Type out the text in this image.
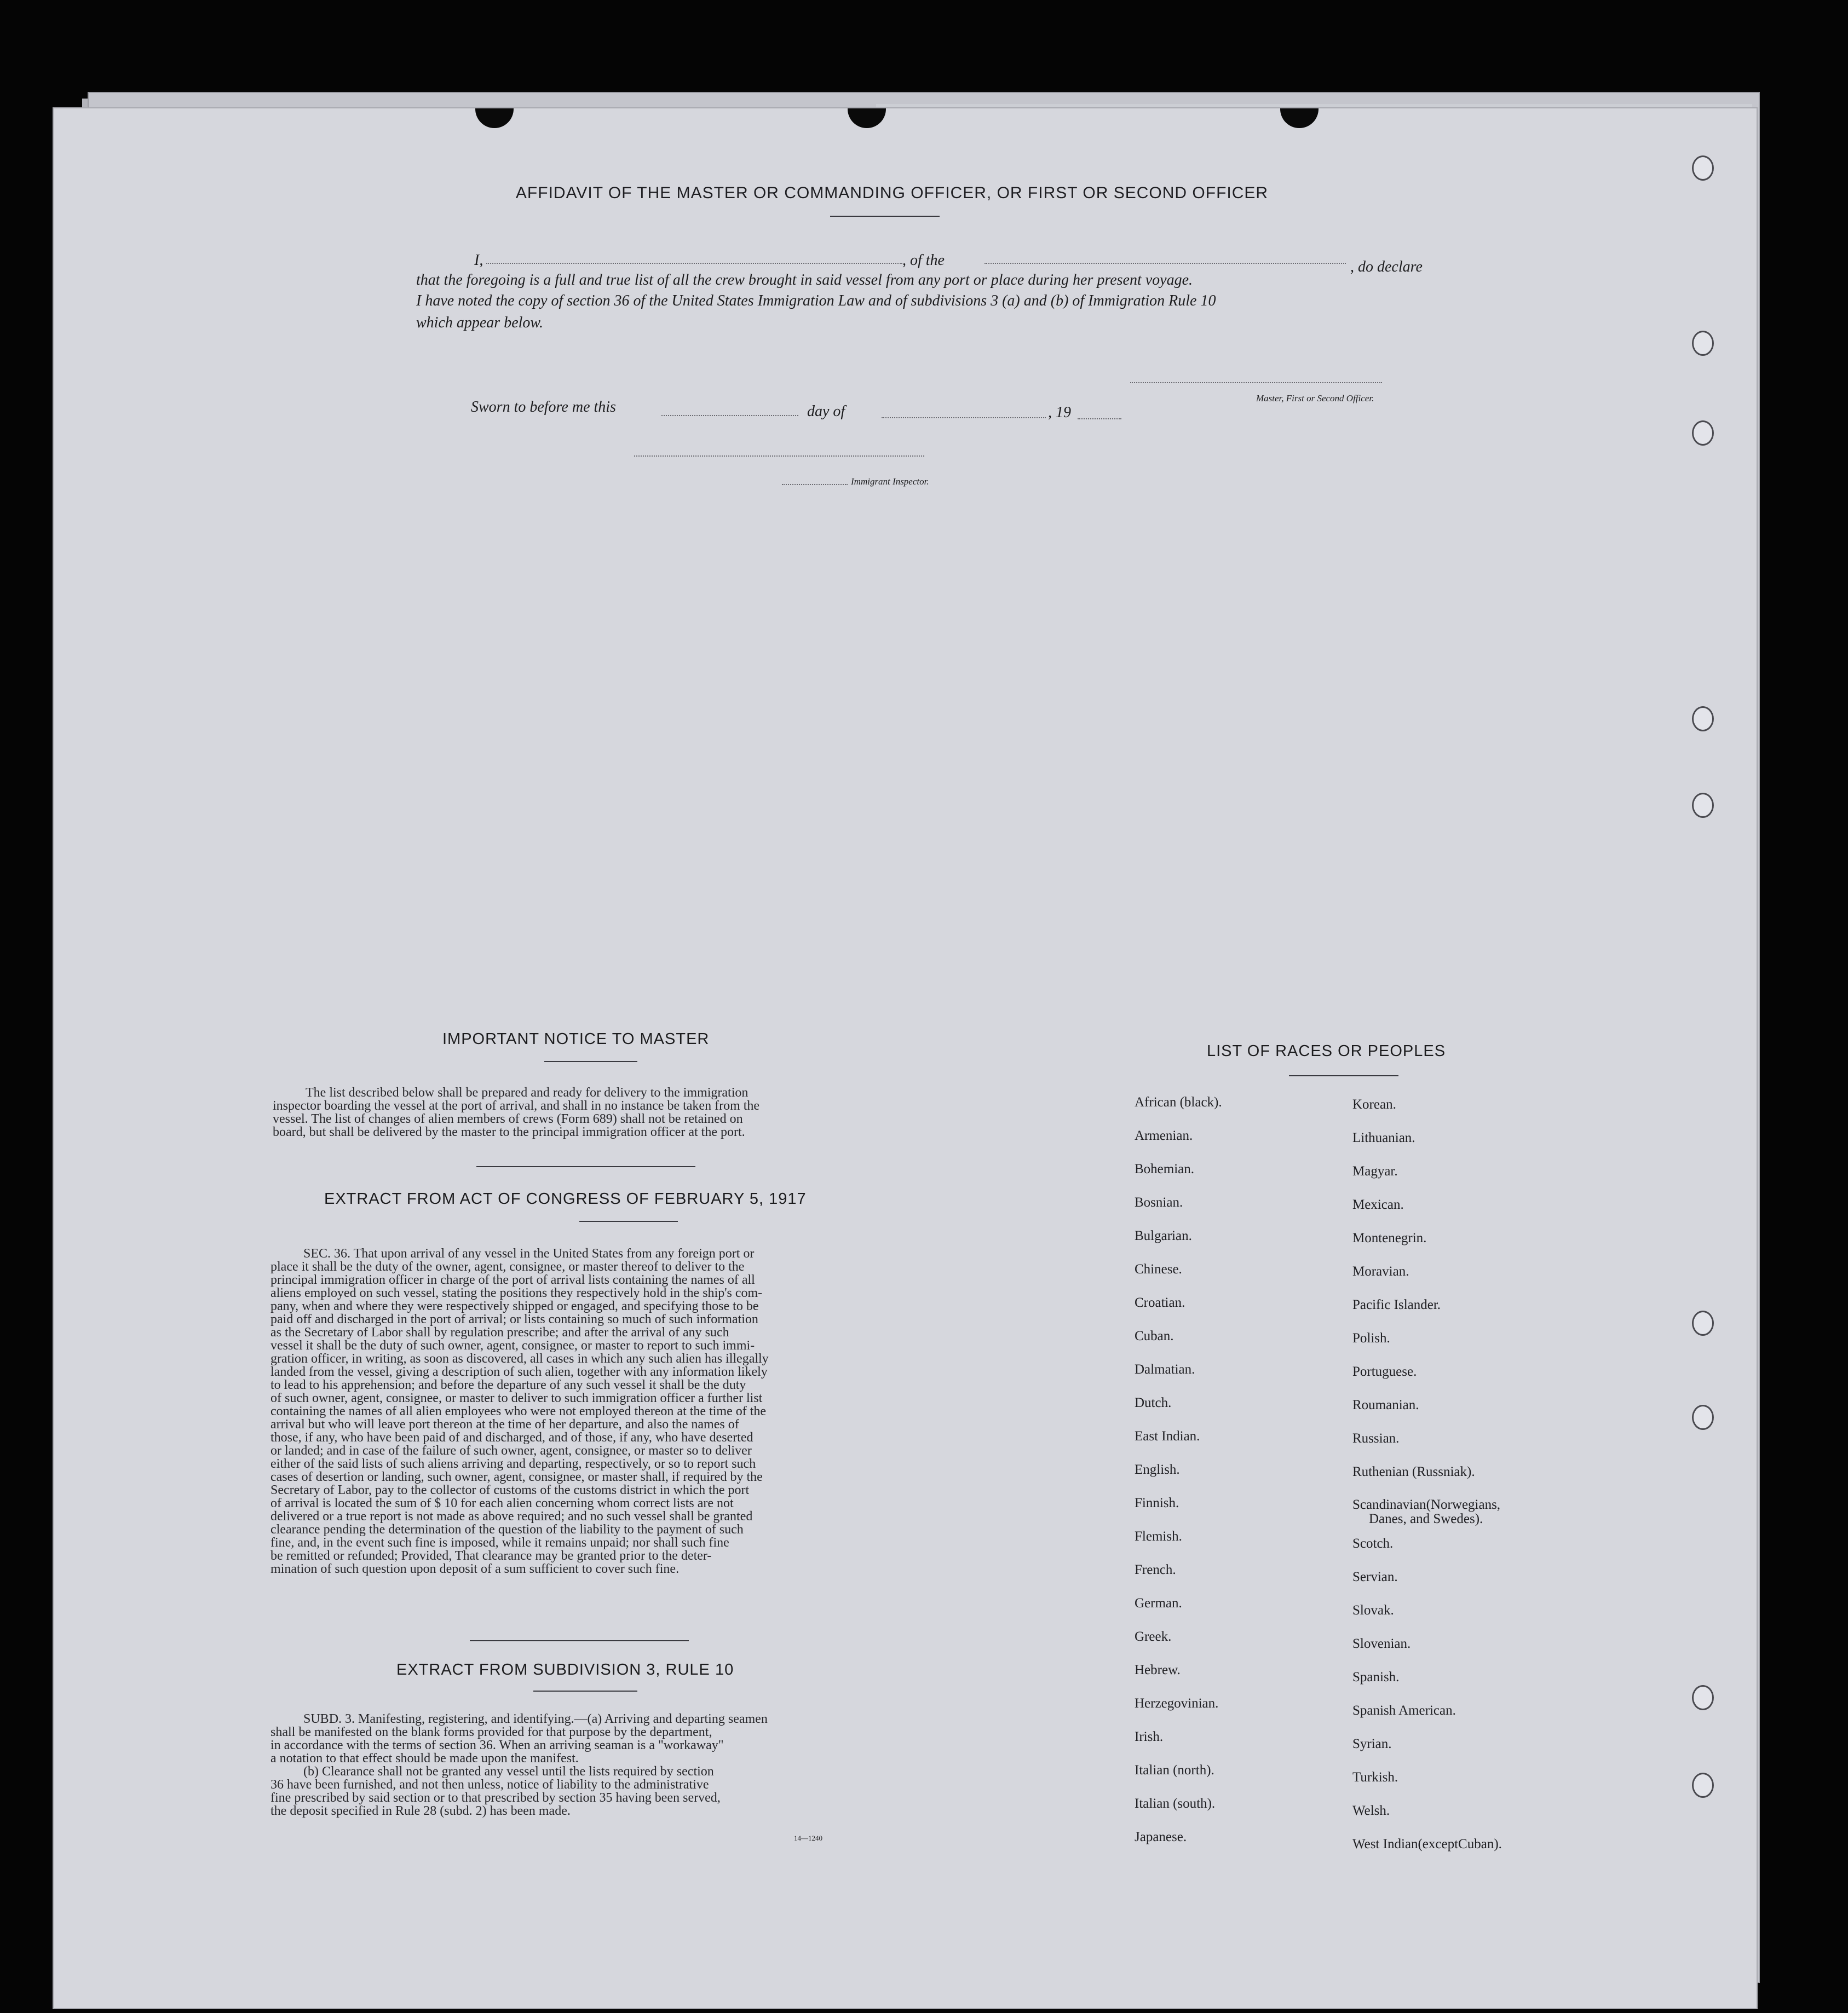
AFFIDAVIT OF THE MASTER OR COMMANDING OFFICER, OR FIRST OR SECOND OFFICER
I,	, of the	, do declare
that the foregoing is a full and true list of all the crew brought in said vessel from any port or place during her present voyage.
I have noted the copy of section 36 of the United States Immigration Law and of subdivisions 3 (a) and (b) of Immigration Rule 10
which appear below.
Master, First or Second Officer.
Sworn to before me this	day of	, 19
Immigrant Inspector.
IMPORTANT NOTICE TO MASTER
The list described below shall be prepared and ready for delivery to the immigration
inspector boarding the vessel at the port of arrival, and shall in no instance be taken from the
vessel. The list of changes of alien members of crews (Form 689) shall not be retained on
board, but shall be delivered by the master to the principal immigration officer at the port.
EXTRACT FROM ACT OF CONGRESS OF FEBRUARY 5, 1917
SEC. 36. That upon arrival of any vessel in the United States from any foreign port or
place it shall be the duty of the owner, agent, consignee, or master thereof to deliver to the
principal immigration officer in charge of the port of arrival lists containing the names of all
aliens employed on such vessel, stating the positions they respectively hold in the ship's com-
pany, when and where they were respectively shipped or engaged, and specifying those to be
paid off and discharged in the port of arrival; or lists containing so much of such information
as the Secretary of Labor shall by regulation prescribe; and after the arrival of any such
vessel it shall be the duty of such owner, agent, consignee, or master to report to such immi-
gration officer, in writing, as soon as discovered, all cases in which any such alien has illegally
landed from the vessel, giving a description of such alien, together with any information likely
to lead to his apprehension; and before the departure of any such vessel it shall be the duty
of such owner, agent, consignee, or master to deliver to such immigration officer a further list
containing the names of all alien employees who were not employed thereon at the time of the
arrival but who will leave port thereon at the time of her departure, and also the names of
those, if any, who have been paid of and discharged, and of those, if any, who have deserted
or landed; and in case of the failure of such owner, agent, consignee, or master so to deliver
either of the said lists of such aliens arriving and departing, respectively, or so to report such
cases of desertion or landing, such owner, agent, consignee, or master shall, if required by the
Secretary of Labor, pay to the collector of customs of the customs district in which the port
of arrival is located the sum of $ 10 for each alien concerning whom correct lists are not
delivered or a true report is not made as above required; and no such vessel shall be granted
clearance pending the determination of the question of the liability to the payment of such
fine, and, in the event such fine is imposed, while it remains unpaid; nor shall such fine
be remitted or refunded; Provided, That clearance may be granted prior to the deter-
mination of such question upon deposit of a sum sufficient to cover such fine.
EXTRACT FROM SUBDIVISION 3, RULE 10
SUBD. 3. Manifesting, registering, and identifying.—(a) Arriving and departing seamen
shall be manifested on the blank forms provided for that purpose by the department,
in accordance with the terms of section 36. When an arriving seaman is a "workaway"
a notation to that effect should be made upon the manifest.
(b) Clearance shall not be granted any vessel until the lists required by section
36 have been furnished, and not then unless, notice of liability to the administrative
fine prescribed by said section or to that prescribed by section 35 having been served,
the deposit specified in Rule 28 (subd. 2) has been made.
14—1240
LIST OF RACES OR PEOPLES
African (black).
Armenian.
Bohemian.
Bosnian.
Bulgarian.
Chinese.
Croatian.
Cuban.
Dalmatian.
Dutch.
East Indian.
English.
Finnish.
Flemish.
French.
German.
Greek.
Hebrew.
Herzegovinian.
Irish.
Italian (north).
Italian (south).
Japanese.
Korean.
Lithuanian.
Magyar.
Mexican.
Montenegrin.
Moravian.
Pacific Islander.
Polish.
Portuguese.
Roumanian.
Russian.
Ruthenian (Russniak).
Scandinavian(Norwegians,
Danes, and Swedes).
Scotch.
Servian.
Slovak.
Slovenian.
Spanish.
Spanish American.
Syrian.
Turkish.
Welsh.
West Indian(exceptCuban).
